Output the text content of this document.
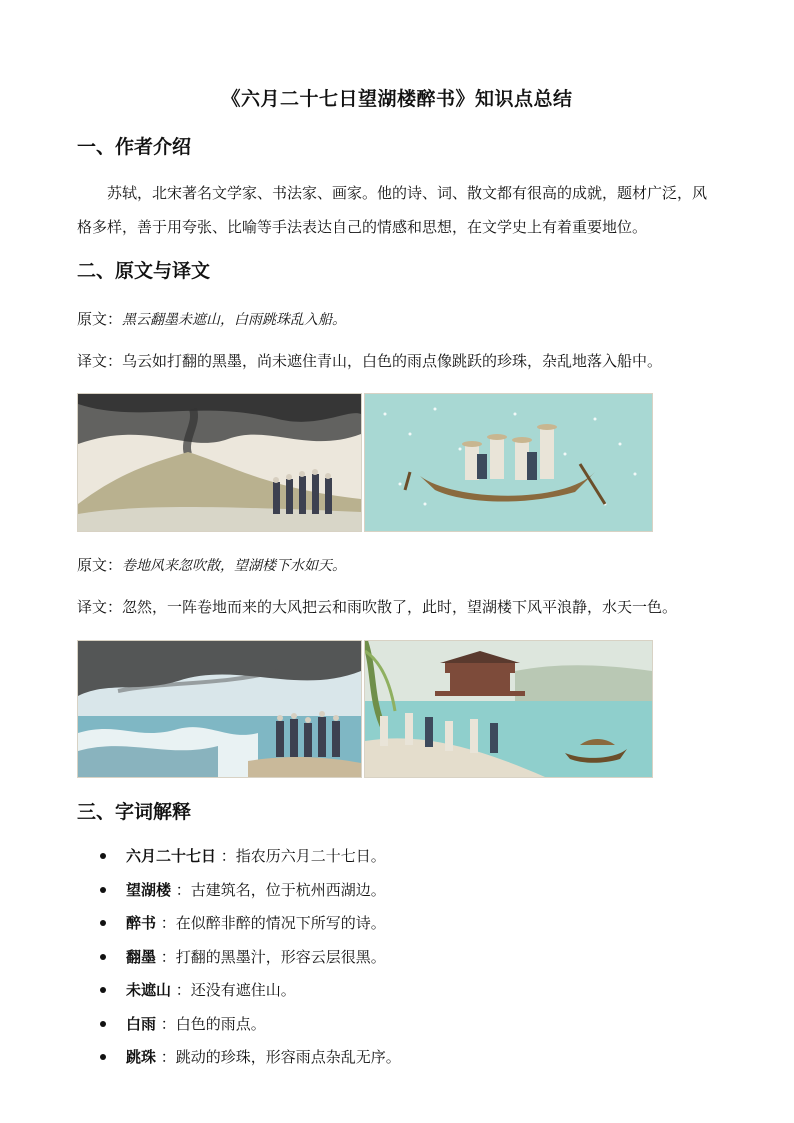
《六月二十七日望湖楼醉书》知识点总结
一、作者介绍
苏轼，北宋著名文学家、书法家、画家。他的诗、词、散文都有很高的成就，题材广泛，风格多样，善于用夸张、比喻等手法表达自己的情感和思想，在文学史上有着重要地位。
二、原文与译文
原文：黑云翻墨未遮山，白雨跳珠乱入船。
译文：乌云如打翻的黑墨，尚未遮住青山，白色的雨点像跳跃的珍珠，杂乱地落入船中。
原文：卷地风来忽吹散，望湖楼下水如天。
译文：忽然，一阵卷地而来的大风把云和雨吹散了，此时，望湖楼下风平浪静，水天一色。
三、字词解释
六月二十七日 ：指农历六月二十七日。
望湖楼 ：古建筑名，位于杭州西湖边。
醉书 ：在似醉非醉的情况下所写的诗。
翻墨 ：打翻的黑墨汁，形容云层很黑。
未遮山 ：还没有遮住山。
白雨 ：白色的雨点。
跳珠 ：跳动的珍珠，形容雨点杂乱无序。
